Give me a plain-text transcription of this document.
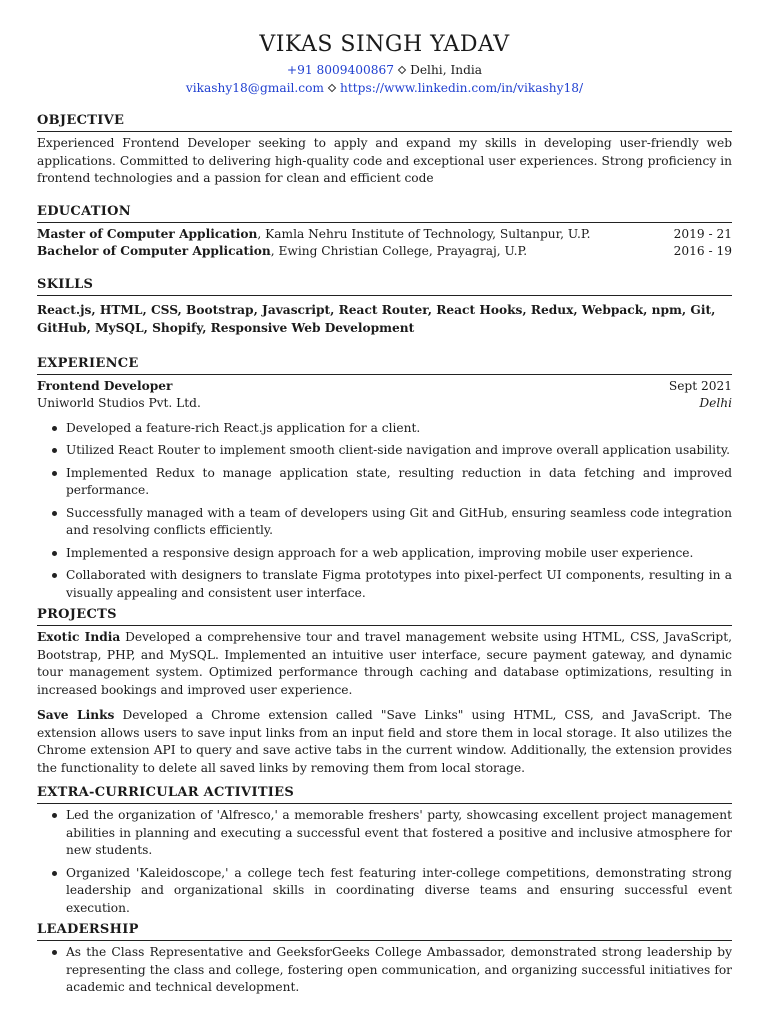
VIKAS SINGH YADAV
+91 8009400867 Delhi, India
vikashy18@gmail.com https://www.linkedin.com/in/vikashy18/
OBJECTIVE
Experienced Frontend Developer seeking to apply and expand my skills in developing user-friendly web applications. Committed to delivering high-quality code and exceptional user experiences. Strong proficiency in frontend technologies and a passion for clean and efficient code
EDUCATION
Master of Computer Application, Kamla Nehru Institute of Technology, Sultanpur, U.P.	2019 - 21
Bachelor of Computer Application, Ewing Christian College, Prayagraj, U.P.	2016 - 19
SKILLS
React.js, HTML, CSS, Bootstrap, Javascript, React Router, React Hooks, Redux, Webpack, npm, Git, GitHub, MySQL, Shopify, Responsive Web Development
EXPERIENCE
Frontend Developer	Sept 2021
Uniworld Studios Pvt. Ltd.	Delhi
Developed a feature-rich React.js application for a client.
Utilized React Router to implement smooth client-side navigation and improve overall application usability.
Implemented Redux to manage application state, resulting reduction in data fetching and improved performance.
Successfully managed with a team of developers using Git and GitHub, ensuring seamless code integration and resolving conflicts efficiently.
Implemented a responsive design approach for a web application, improving mobile user experience.
Collaborated with designers to translate Figma prototypes into pixel-perfect UI components, resulting in a visually appealing and consistent user interface.
PROJECTS
Exotic India Developed a comprehensive tour and travel management website using HTML, CSS, JavaScript, Bootstrap, PHP, and MySQL. Implemented an intuitive user interface, secure payment gateway, and dynamic tour management system. Optimized performance through caching and database optimizations, resulting in increased bookings and improved user experience.
Save Links Developed a Chrome extension called "Save Links" using HTML, CSS, and JavaScript. The extension allows users to save input links from an input field and store them in local storage. It also utilizes the Chrome extension API to query and save active tabs in the current window. Additionally, the extension provides the functionality to delete all saved links by removing them from local storage.
EXTRA-CURRICULAR ACTIVITIES
Led the organization of 'Alfresco,' a memorable freshers' party, showcasing excellent project management abilities in planning and executing a successful event that fostered a positive and inclusive atmosphere for new students.
Organized 'Kaleidoscope,' a college tech fest featuring inter-college competitions, demonstrating strong leadership and organizational skills in coordinating diverse teams and ensuring successful event execution.
LEADERSHIP
As the Class Representative and GeeksforGeeks College Ambassador, demonstrated strong leadership by representing the class and college, fostering open communication, and organizing successful initiatives for academic and technical development.
